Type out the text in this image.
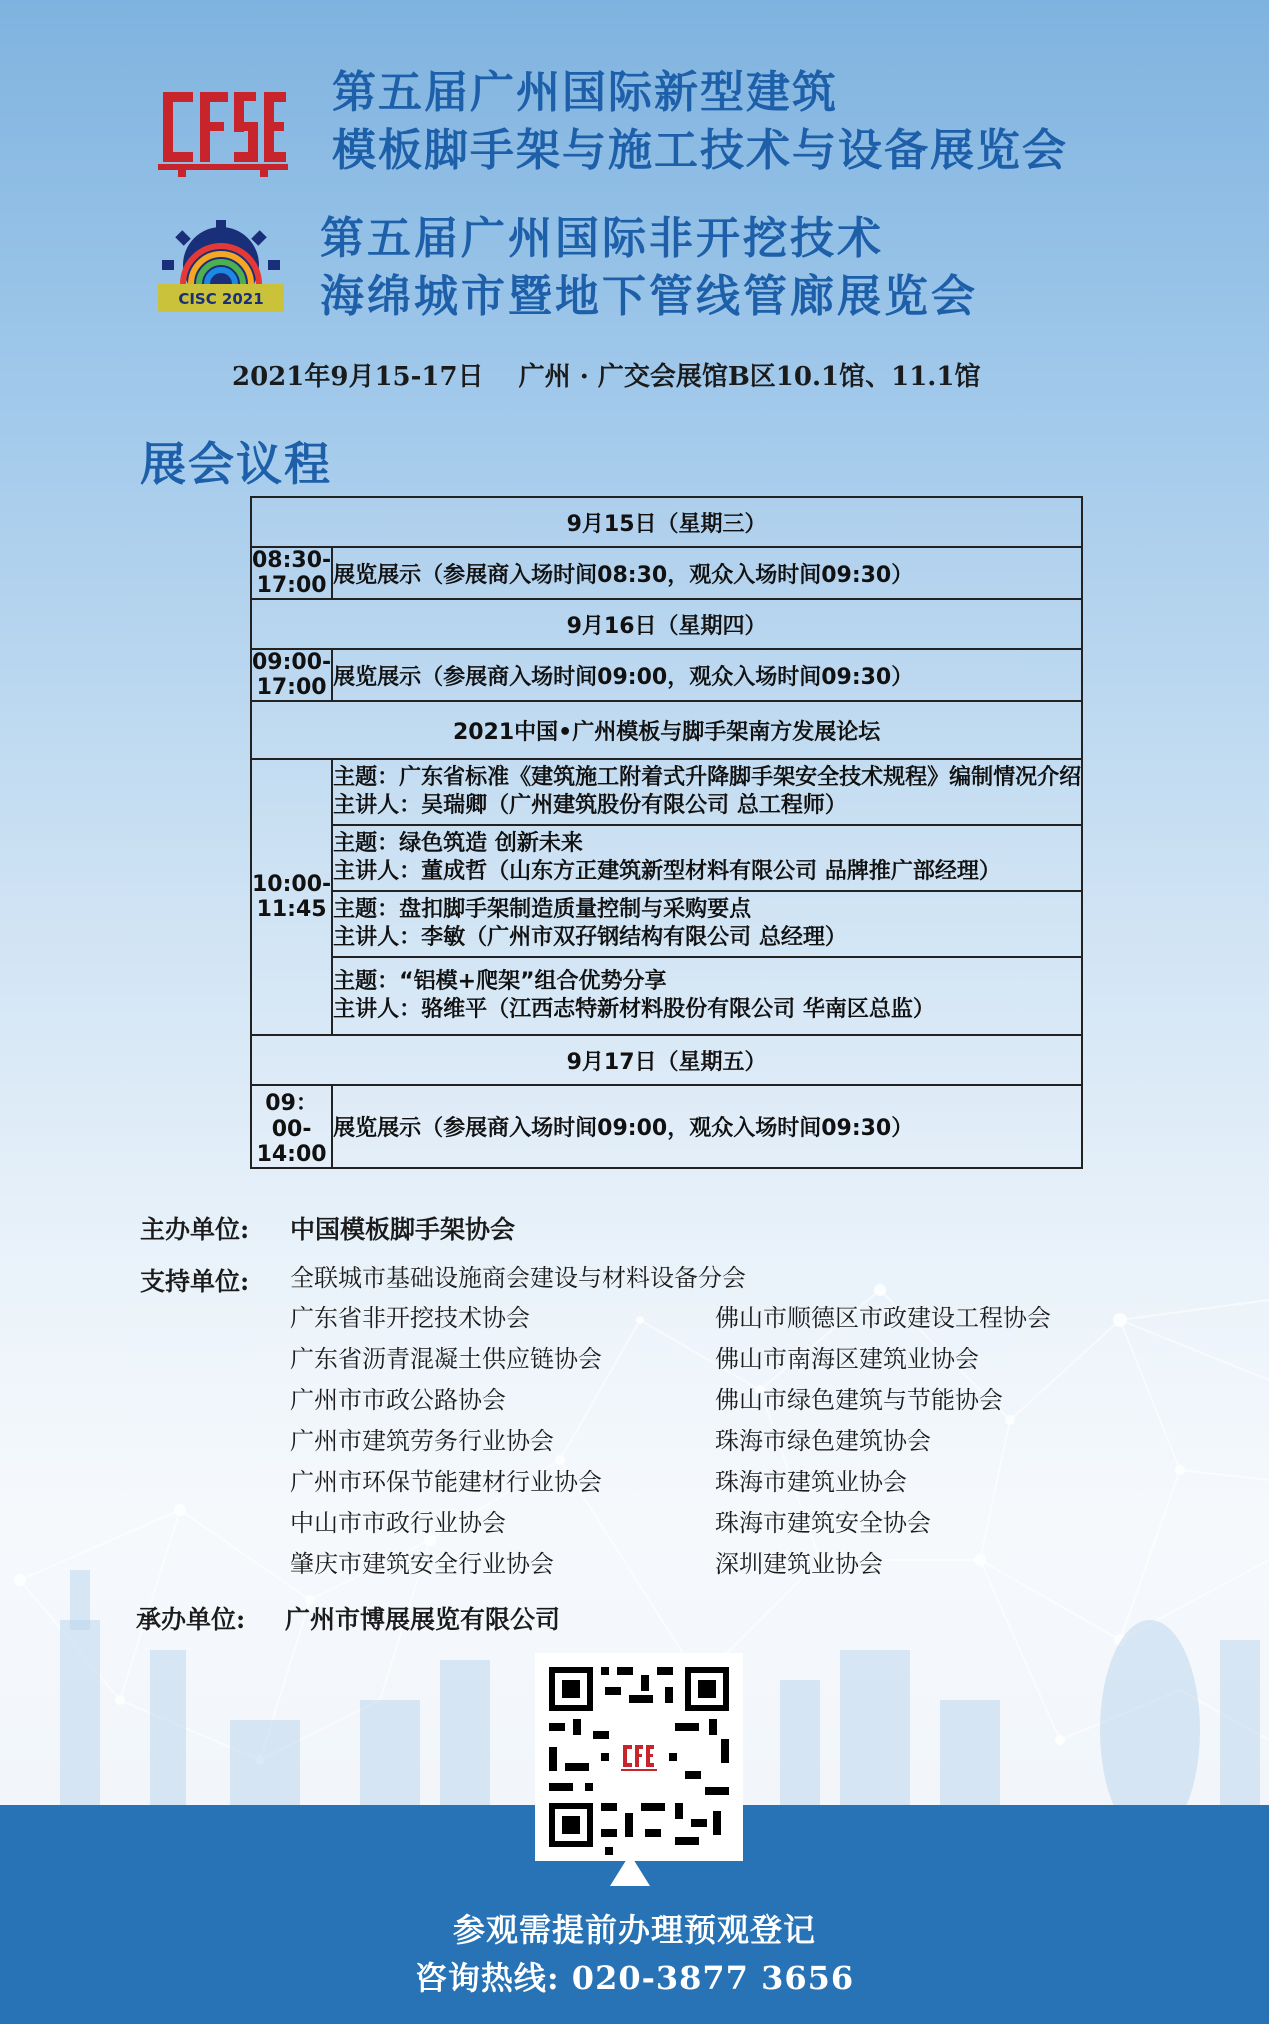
CISC 2021
第五届广州国际新型建筑
模板脚手架与施工技术与设备展览会
第五届广州国际非开挖技术
海绵城市暨地下管线管廊展览会
2021年9月15-17日　 广州 · 广交会展馆B区10.1馆、11.1馆
展会议程
9月15日（星期三）	
08:30-17:00	展览展示（参展商入场时间08:30，观众入场时间09:30）
9月16日（星期四）	
09:00-17:00	展览展示（参展商入场时间09:00，观众入场时间09:30）
2021中国•广州模板与脚手架南方发展论坛	
10:00-11:45	主题：广东省标准《建筑施工附着式升降脚手架安全技术规程》编制情况介绍
主讲人：吴瑞卿（广州建筑股份有限公司 总工程师）

	主题：绿色筑造 创新未来
主讲人：董成哲（山东方正建筑新型材料有限公司 品牌推广部经理）

	主题：盘扣脚手架制造质量控制与采购要点
主讲人：李敏（广州市双孖钢结构有限公司 总经理）

	主题：“铝模+爬架”组合优势分享
主讲人：骆维平（江西志特新材料股份有限公司 华南区总监）

9月17日（星期五）	
09：00-14:00	展览展示（参展商入场时间09:00，观众入场时间09:30）
主办单位: 中国模板脚手架协会
支持单位: 全联城市基础设施商会建设与材料设备分会
广东省非开挖技术协会
广东省沥青混凝土供应链协会
广州市市政公路协会
广州市建筑劳务行业协会
广州市环保节能建材行业协会
中山市市政行业协会
肇庆市建筑安全行业协会
佛山市顺德区市政建设工程协会
佛山市南海区建筑业协会
佛山市绿色建筑与节能协会
珠海市绿色建筑协会
珠海市建筑业协会
珠海市建筑安全协会
深圳建筑业协会
承办单位: 广州市博展展览有限公司
参观需提前办理预观登记
咨询热线: 020-3877 3656
